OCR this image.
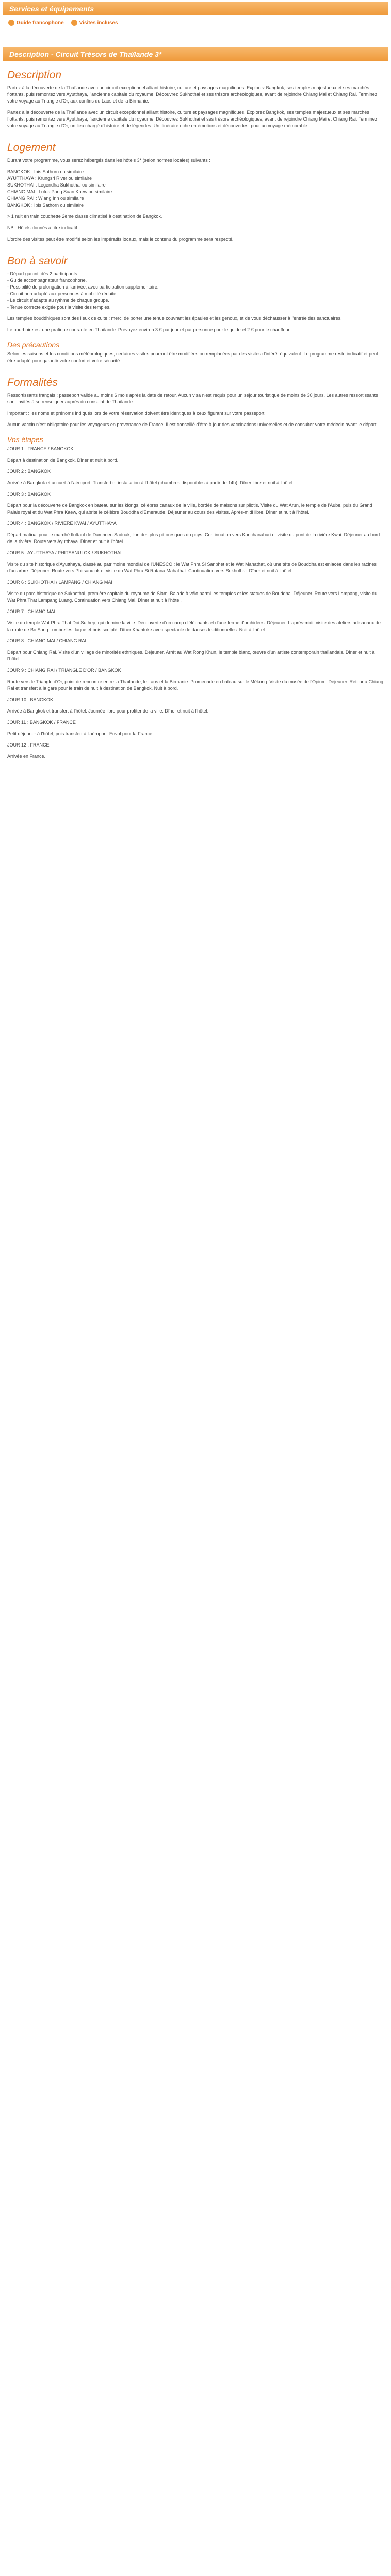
Services et équipements
Guide francophone	Visites incluses
Description - Circuit Trésors de Thaïlande 3*
Description

Partez à la découverte de la Thaïlande avec un circuit exceptionnel alliant histoire, culture et paysages magnifiques. Explorez Bangkok, ses temples majestueux et ses marchés flottants, puis remontez vers Ayutthaya, l'ancienne capitale du royaume. Découvrez Sukhothai et ses trésors archéologiques, avant de rejoindre Chiang Mai et Chiang Rai. Terminez votre voyage au Triangle d'Or, aux confins du Laos et de la Birmanie.

Partez à la découverte de la Thaïlande avec un circuit exceptionnel alliant histoire, culture et paysages magnifiques. Explorez Bangkok, ses temples majestueux et ses marchés flottants, puis remontez vers Ayutthaya, l'ancienne capitale du royaume. Découvrez Sukhothai et ses trésors archéologiques, avant de rejoindre Chiang Mai et Chiang Rai. Terminez votre voyage au Triangle d'Or, un lieu chargé d'histoire et de légendes. Un itinéraire riche en émotions et découvertes, pour un voyage mémorable.

Logement

Durant votre programme, vous serez hébergés dans les hôtels 3* (selon normes locales) suivants :

BANGKOK : Ibis Sathorn ou similaire
AYUTTHAYA : Krungsri River ou similaire
SUKHOTHAI : Legendha Sukhothai ou similaire
CHIANG MAI : Lotus Pang Suan Kaew ou similaire
CHIANG RAI : Wiang Inn ou similaire
BANGKOK : Ibis Sathorn ou similaire

> 1 nuit en train couchette 2ème classe climatisé à destination de Bangkok.

NB : Hôtels donnés à titre indicatif.

L'ordre des visites peut être modifié selon les impératifs locaux, mais le contenu du programme sera respecté.

Bon à savoir
- Départ garanti dès 2 participants.
- Guide accompagnateur francophone.
- Possibilité de prolongation à l'arrivée, avec participation supplémentaire.
- Circuit non adapté aux personnes à mobilité réduite.
- Le circuit s'adapte au rythme de chaque groupe.
- Tenue correcte exigée pour la visite des temples.

Les temples bouddhiques sont des lieux de culte : merci de porter une tenue couvrant les épaules et les genoux, et de vous déchausser à l'entrée des sanctuaires.

Le pourboire est une pratique courante en Thaïlande. Prévoyez environ 3 € par jour et par personne pour le guide et 2 € pour le chauffeur.

Des précautions

Selon les saisons et les conditions météorologiques, certaines visites pourront être modifiées ou remplacées par des visites d'intérêt équivalent. Le programme reste indicatif et peut être adapté pour garantir votre confort et votre sécurité.

Formalités

Ressortissants français : passeport valide au moins 6 mois après la date de retour. Aucun visa n'est requis pour un séjour touristique de moins de 30 jours. Les autres ressortissants sont invités à se renseigner auprès du consulat de Thaïlande.

Important : les noms et prénoms indiqués lors de votre réservation doivent être identiques à ceux figurant sur votre passeport.

Aucun vaccin n'est obligatoire pour les voyageurs en provenance de France. Il est conseillé d'être à jour des vaccinations universelles et de consulter votre médecin avant le départ.

Vos étapes

JOUR 1 : FRANCE / BANGKOK

Départ à destination de Bangkok. Dîner et nuit à bord.

JOUR 2 : BANGKOK

Arrivée à Bangkok et accueil à l'aéroport. Transfert et installation à l'hôtel (chambres disponibles à partir de 14h). Dîner libre et nuit à l'hôtel.

JOUR 3 : BANGKOK

Départ pour la découverte de Bangkok en bateau sur les klongs, célèbres canaux de la ville, bordés de maisons sur pilotis. Visite du Wat Arun, le temple de l'Aube, puis du Grand Palais royal et du Wat Phra Kaew, qui abrite le célèbre Bouddha d'Émeraude. Déjeuner au cours des visites. Après-midi libre. Dîner et nuit à l'hôtel.

JOUR 4 : BANGKOK / RIVIÈRE KWAI / AYUTTHAYA

Départ matinal pour le marché flottant de Damnoen Saduak, l'un des plus pittoresques du pays. Continuation vers Kanchanaburi et visite du pont de la rivière Kwai. Déjeuner au bord de la rivière. Route vers Ayutthaya. Dîner et nuit à l'hôtel.

JOUR 5 : AYUTTHAYA / PHITSANULOK / SUKHOTHAI

Visite du site historique d'Ayutthaya, classé au patrimoine mondial de l'UNESCO : le Wat Phra Si Sanphet et le Wat Mahathat, où une tête de Bouddha est enlacée dans les racines d'un arbre. Déjeuner. Route vers Phitsanulok et visite du Wat Phra Si Ratana Mahathat. Continuation vers Sukhothai. Dîner et nuit à l'hôtel.

JOUR 6 : SUKHOTHAI / LAMPANG / CHIANG MAI

Visite du parc historique de Sukhothai, première capitale du royaume de Siam. Balade à vélo parmi les temples et les statues de Bouddha. Déjeuner. Route vers Lampang, visite du Wat Phra That Lampang Luang. Continuation vers Chiang Mai. Dîner et nuit à l'hôtel.

JOUR 7 : CHIANG MAI

Visite du temple Wat Phra That Doi Suthep, qui domine la ville. Découverte d'un camp d'éléphants et d'une ferme d'orchidées. Déjeuner. L'après-midi, visite des ateliers artisanaux de la route de Bo Sang : ombrelles, laque et bois sculpté. Dîner Khantoke avec spectacle de danses traditionnelles. Nuit à l'hôtel.

JOUR 8 : CHIANG MAI / CHIANG RAI

Départ pour Chiang Rai. Visite d'un village de minorités ethniques. Déjeuner. Arrêt au Wat Rong Khun, le temple blanc, œuvre d'un artiste contemporain thaïlandais. Dîner et nuit à l'hôtel.

JOUR 9 : CHIANG RAI / TRIANGLE D'OR / BANGKOK

Route vers le Triangle d'Or, point de rencontre entre la Thaïlande, le Laos et la Birmanie. Promenade en bateau sur le Mékong. Visite du musée de l'Opium. Déjeuner. Retour à Chiang Rai et transfert à la gare pour le train de nuit à destination de Bangkok. Nuit à bord.

JOUR 10 : BANGKOK

Arrivée à Bangkok et transfert à l'hôtel. Journée libre pour profiter de la ville. Dîner et nuit à l'hôtel.

JOUR 11 : BANGKOK / FRANCE

Petit déjeuner à l'hôtel, puis transfert à l'aéroport. Envol pour la France.

JOUR 12 : FRANCE

Arrivée en France.
